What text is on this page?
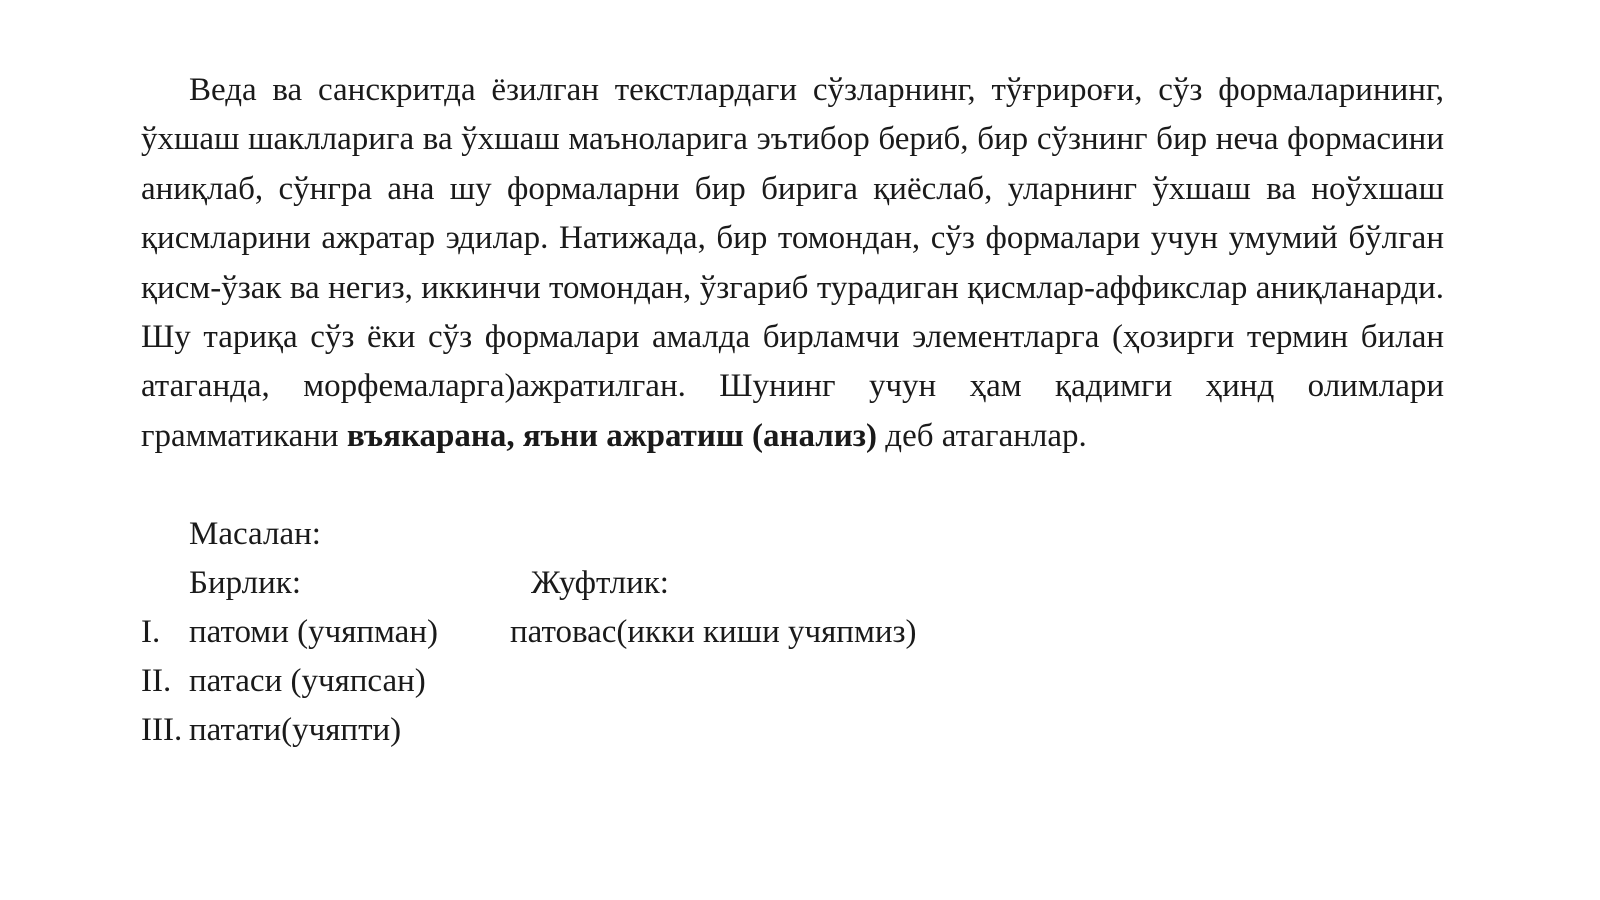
Веда ва санскритда ёзилган текстлардаги сўзларнинг, тўғрироғи, сўз формаларининг, ўхшаш шаклларига ва ўхшаш маъноларига эътибор бериб, бир сўзнинг бир неча формасини аниқлаб, сўнгра ана шу формаларни бир бирига қиёслаб, уларнинг ўхшаш ва ноўхшаш қисмларини ажратар эдилар. Натижада, бир томондан, сўз формалари учун умумий бўлган қисм-ўзак ва негиз, иккинчи томондан, ўзгариб турадиган қисмлар-аффикслар аниқланарди. Шу тариқа сўз ёки сўз формалари амалда бирламчи элементларга (ҳозирги термин билан атаганда, морфемаларга)ажратилган. Шунинг учун ҳам қадимги ҳинд олимлари грамматикани въякарана, яъни ажратиш (анализ) деб атаганлар.

Масалан:
Бирлик:	Жуфтлик:
I. патоми (учяпман) патовас(икки киши учяпмиз)
II. патаси (учяпсан)
III. патати(учяпти)
